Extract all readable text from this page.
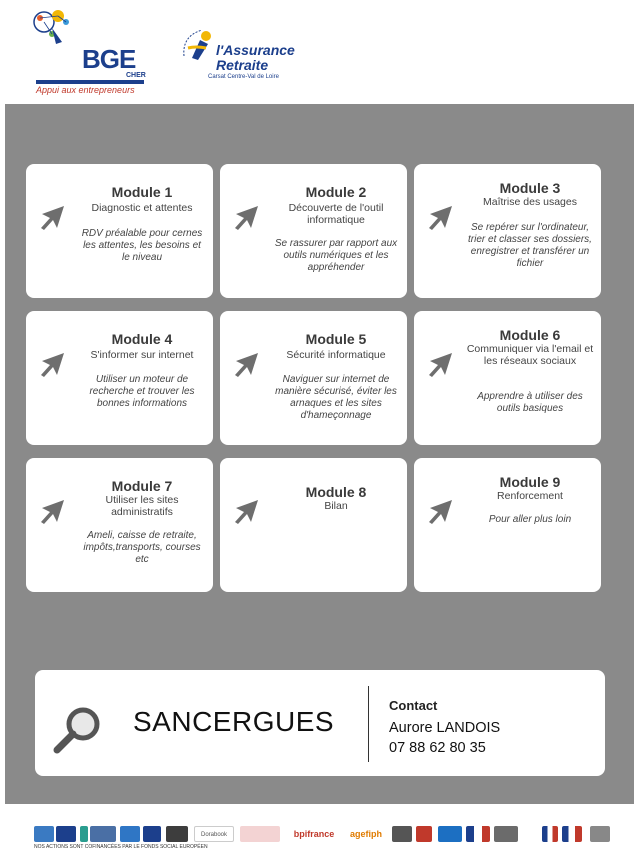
BGE
CHER
Appui aux entrepreneurs
l'Assurance
Retraite
Carsat Centre-Val de Loire
Module 1
Diagnostic et attentes
RDV préalable pour cernes les attentes, les besoins et le niveau
Module 2
Découverte de l'outil informatique
Se rassurer par rapport aux outils numériques et les appréhender
Module 3
Maîtrise des usages
Se repérer sur l'ordinateur, trier et classer ses dossiers, enregistrer et transférer un fichier
Module 4
S'informer sur internet
Utiliser un moteur de recherche et trouver les bonnes informations
Module 5
Sécurité informatique
Naviguer sur internet de manière sécurisé, éviter les arnaques et les sites d'hameçonnage
Module 6
Communiquer via l'email et les réseaux sociaux
Apprendre à utiliser des outils basiques
Module 7
Utiliser les sites administratifs
Ameli, caisse de retraite, impôts,transports, courses etc
Module 8
Bilan
Module 9
Renforcement
Pour aller plus loin
SANCERGUES
Contact
Aurore LANDOIS
07 88 62 80 35
Dorabook	bpifrance	agefiph
NOS ACTIONS SONT COFINANCÉES PAR LE FONDS SOCIAL EUROPÉEN
